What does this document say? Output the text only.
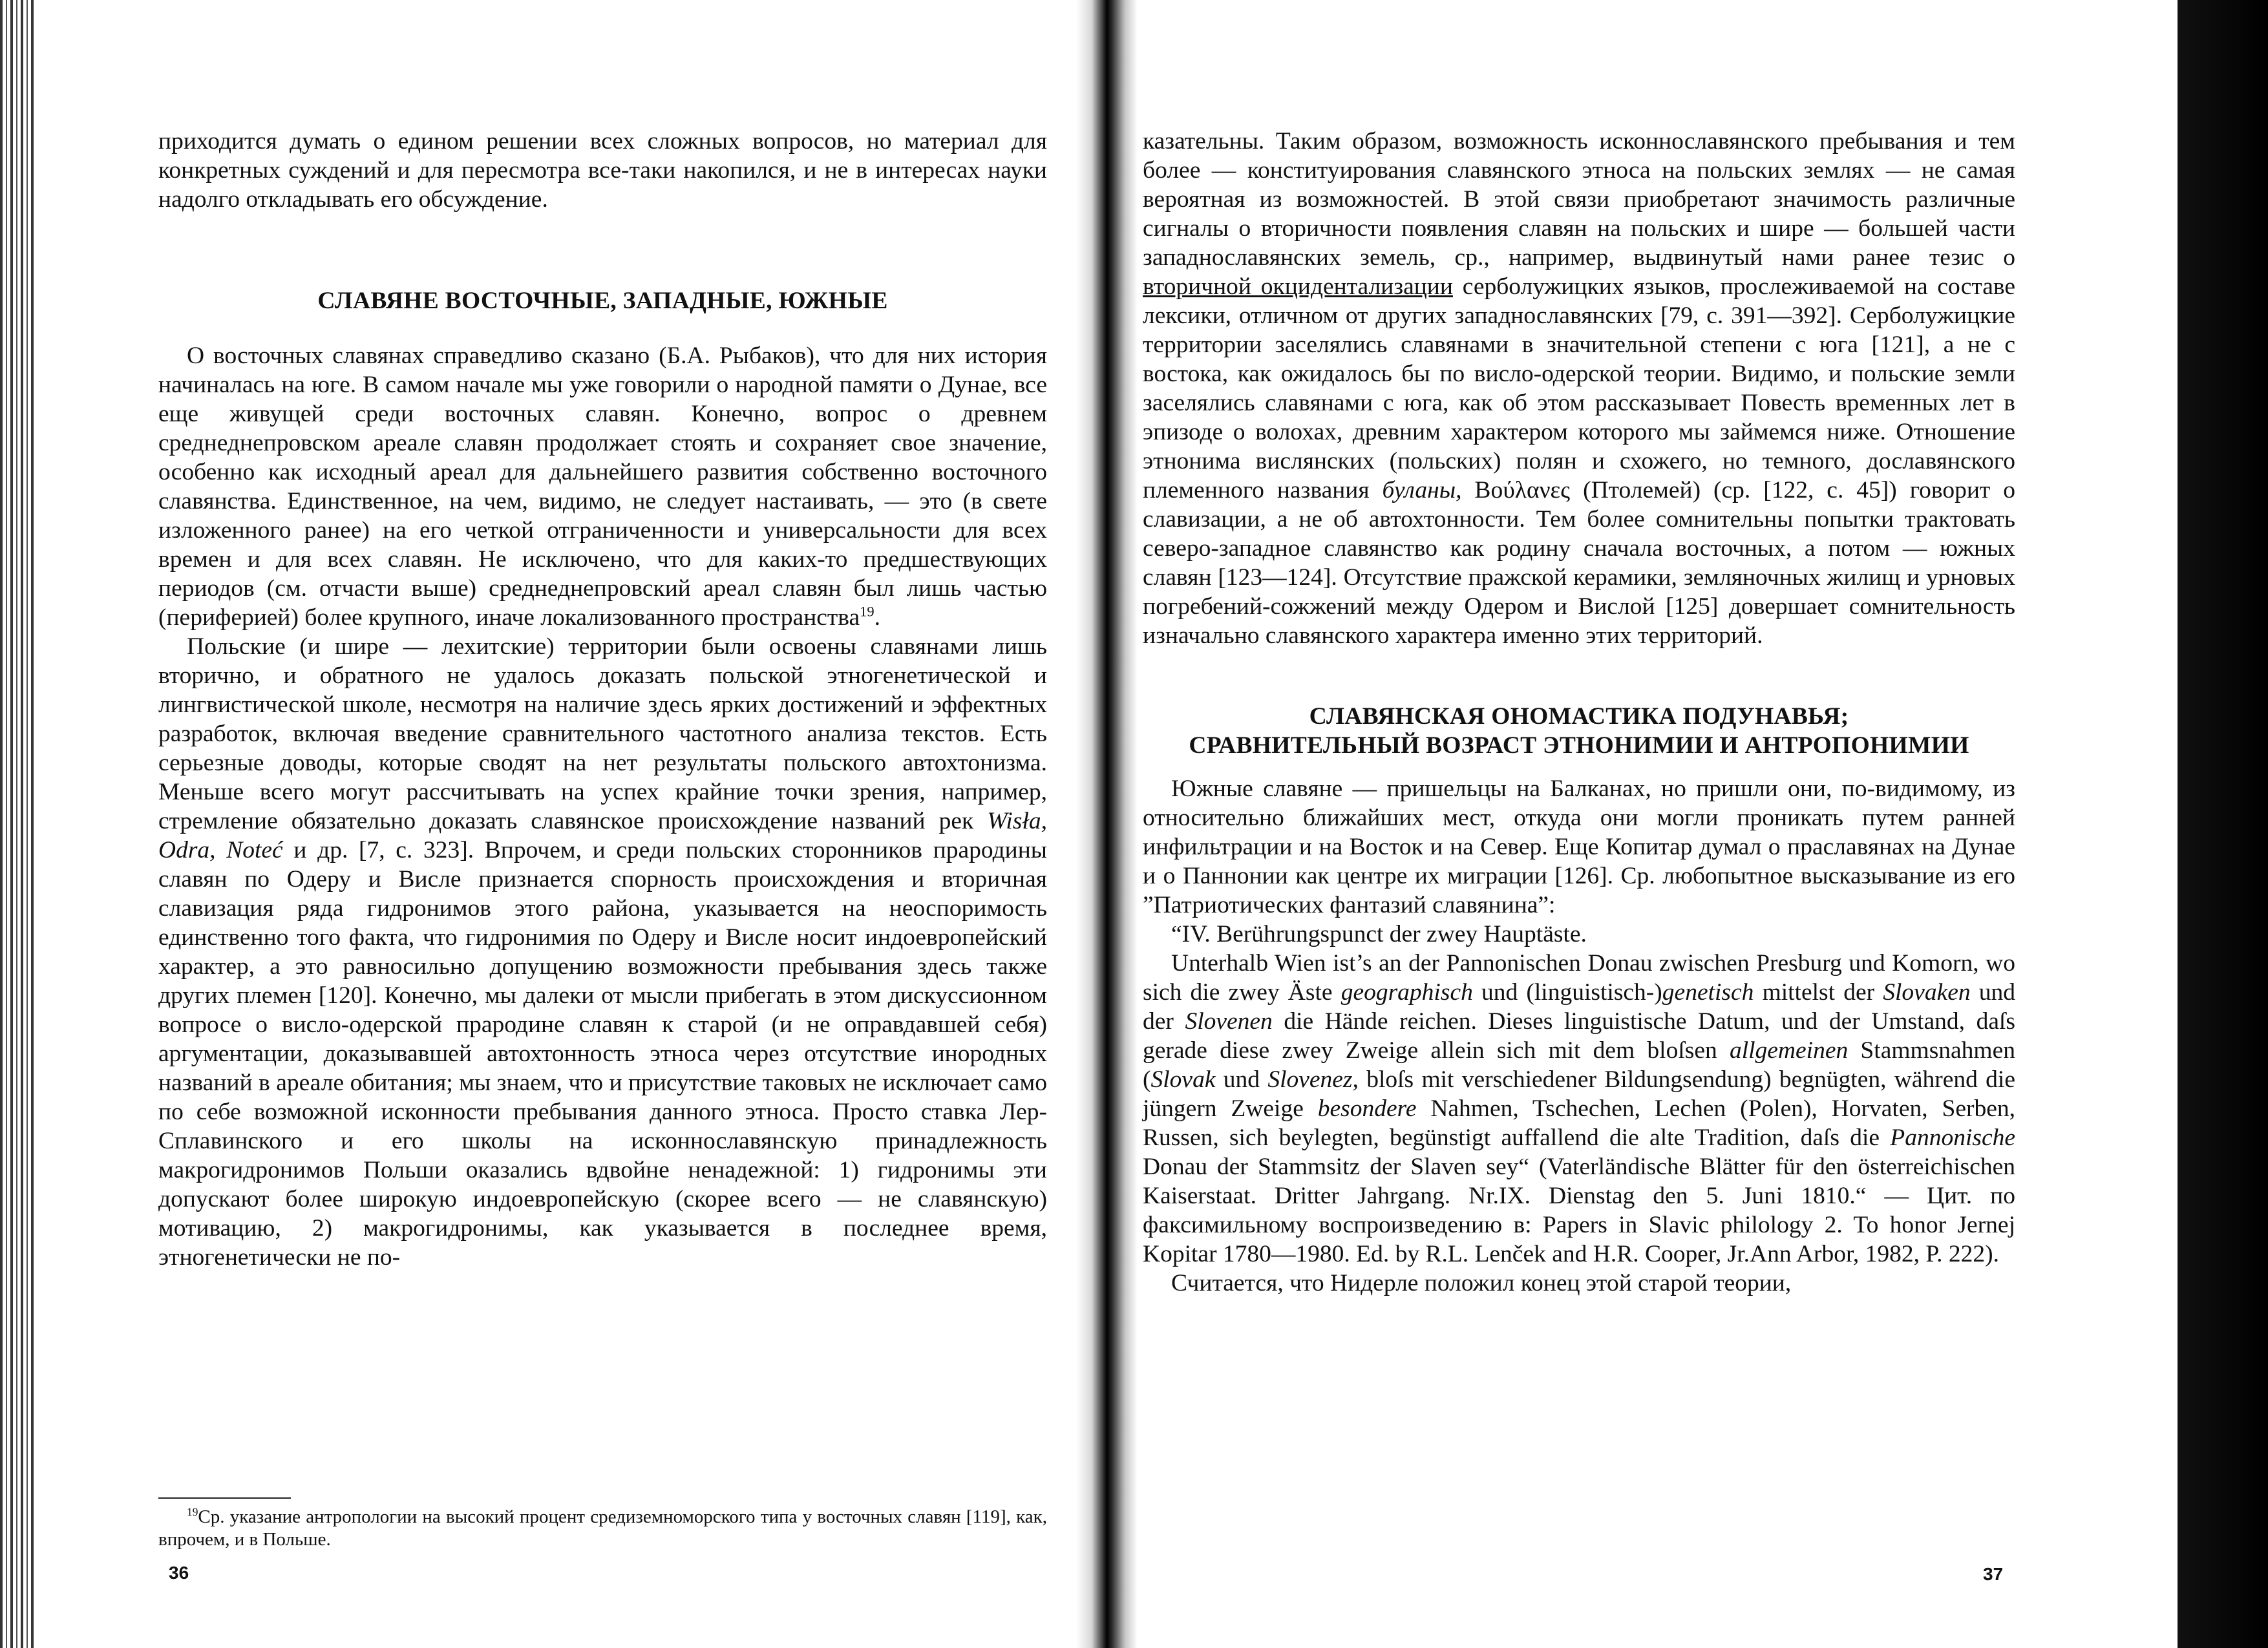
приходится думать о едином решении всех сложных вопросов, но материал для конкретных суждений и для пересмотра все-таки накопился, и не в интересах науки надолго откладывать его обсуждение.

СЛАВЯНЕ ВОСТОЧНЫЕ, ЗАПАДНЫЕ, ЮЖНЫЕ

О восточных славянах справедливо сказано (Б.А. Рыбаков), что для них история начиналась на юге. В самом начале мы уже говорили о народной памяти о Дунае, все еще живущей среди восточных славян. Конечно, вопрос о древнем среднеднепровском ареале славян продолжает стоять и сохраняет свое значение, особенно как исходный ареал для дальнейшего развития собственно восточного славянства. Единственное, на чем, видимо, не следует настаивать, — это (в свете изложенного ранее) на его четкой отграниченности и универсальности для всех времен и для всех славян. Не исключено, что для каких-то предшествующих периодов (см. отчасти выше) среднеднепровский ареал славян был лишь частью (периферией) более крупного, иначе локализованного пространства$^{19}$.

Польские (и шире — лехитские) территории были освоены славянами лишь вторично, и обратного не удалось доказать польской этногенетической и лингвистической школе, несмотря на наличие здесь ярких достижений и эффектных разработок, включая введение сравнительного частотного анализа текстов. Есть серьезные доводы, которые сводят на нет результаты польского автохтонизма. Меньше всего могут рассчитывать на успех крайние точки зрения, например, стремление обязательно доказать славянское происхождение названий рек Wisła, Odra, Noteć и др. [7, с. 323]. Впрочем, и среди польских сторонников прародины славян по Одеру и Висле признается спорность происхождения и вторичная славизация ряда гидронимов этого района, указывается на неоспоримость единственно того факта, что гидронимия по Одеру и Висле носит индоевропейский характер, а это равносильно допущению возможности пребывания здесь также других племен [120]. Конечно, мы далеки от мысли прибегать в этом дискуссионном вопросе о висло-одерской прародине славян к старой (и не оправдавшей себя) аргументации, доказывавшей автохтонность этноса через отсутствие инородных названий в ареале обитания; мы знаем, что и присутствие таковых не исключает само по себе возможной исконности пребывания данного этноса. Просто ставка Лер-Сплавинского и его школы на исконнославянскую принадлежность макрогидронимов Польши оказались вдвойне ненадежной: 1) гидронимы эти допускают более широкую индоевропейскую (скорее всего — не славянскую) мотивацию, 2) макрогидронимы, как указывается в последнее время, этногенетически не по-

$^{19}$Ср. указание антропологии на высокий процент средиземноморского типа у восточных славян [119], как, впрочем, и в Польше.

36

казательны. Таким образом, возможность исконнославянского пребывания и тем более — конституирования славянского этноса на польских землях — не самая вероятная из возможностей. В этой связи приобретают значимость различные сигналы о вторичности появления славян на польских и шире — большей части западнославянских земель, ср., например, выдвинутый нами ранее тезис о вторичной окцидентализации серболужицких языков, прослеживаемой на составе лексики, отличном от других западнославянских [79, с. 391—392]. Серболужицкие территории заселялись славянами в значительной степени с юга [121], а не с востока, как ожидалось бы по висло-одерской теории. Видимо, и польские земли заселялись славянами с юга, как об этом рассказывает Повесть временных лет в эпизоде о волохах, древним характером которого мы займемся ниже. Отношение этнонима вислянских (польских) полян и схожего, но темного, дославянского племенного названия буланы, Βούλανες (Птолемей) (ср. [122, с. 45]) говорит о славизации, а не об автохтонности. Тем более сомнительны попытки трактовать северо-западное славянство как родину сначала восточных, а потом — южных славян [123—124]. Отсутствие пражской керамики, земляночных жилищ и урновых погребений-сожжений между Одером и Вислой [125] довершает сомнительность изначально славянского характера именно этих территорий.

СЛАВЯНСКАЯ ОНОМАСТИКА ПОДУНАВЬЯ;
СРАВНИТЕЛЬНЫЙ ВОЗРАСТ ЭТНОНИМИИ И АНТРОПОНИМИИ

Южные славяне — пришельцы на Балканах, но пришли они, по-видимому, из относительно ближайших мест, откуда они могли проникать путем ранней инфильтрации и на Восток и на Север. Еще Копитар думал о праславянах на Дунае и о Паннонии как центре их миграции [126]. Ср. любопытное высказывание из его ”Патриотических фантазий славянина”:

“IV. Berührungspunct der zwey Hauptäste.

Unterhalb Wien ist’s an der Pannonischen Donau zwischen Presburg und Komorn, wo sich die zwey Äste geographisch und (linguistisch-)genetisch mittelst der Slovaken und der Slovenen die Hände reichen. Dieses linguistische Datum, und der Umstand, daſs gerade diese zwey Zweige allein sich mit dem bloſsen allgemeinen Stammsnahmen (Slovak und Slovenez, bloſs mit verschiedener Bildungsendung) begnügten, während die jüngern Zweige besondere Nahmen, Tschechen, Lechen (Polen), Horvaten, Serben, Russen, sich beylegten, begünstigt auffallend die alte Tradition, daſs die Pannonische Donau der Stammsitz der Slaven sey“ (Vaterländische Blätter für den österreichischen Kaiserstaat. Dritter Jahrgang. Nr.IX. Dienstag den 5. Juni 1810.“ — Цит. по факсимильному воспроизведению в: Papers in Slavic philology 2. To honor Jernej Kopitar 1780—1980. Ed. by R.L. Lenček and H.R. Cooper, Jr.Ann Arbor, 1982, P. 222).

Считается, что Нидерле положил конец этой старой теории,

37
